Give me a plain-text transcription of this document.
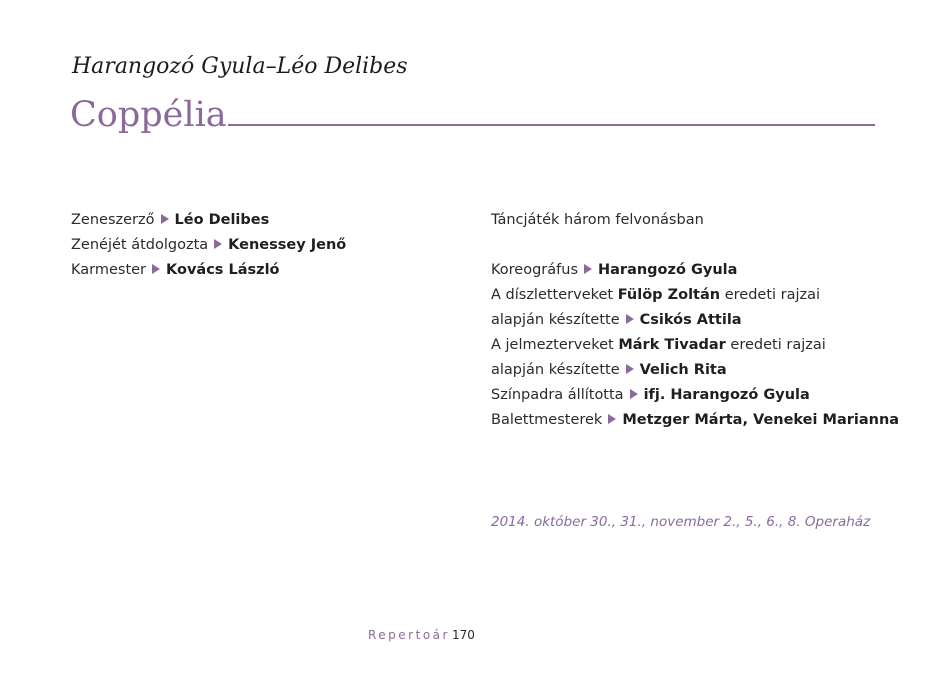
Harangozó Gyula–Léo Delibes
Coppélia
Zeneszerző Léo Delibes
Zenéjét átdolgozta Kenessey Jenő
Karmester Kovács László
Táncjáték három felvonásban
Koreográfus Harangozó Gyula
A díszletterveket Fülöp Zoltán eredeti rajzai
alapján készítette Csikós Attila
A jelmezterveket Márk Tivadar eredeti rajzai
alapján készítette Velich Rita
Színpadra állította ifj. Harangozó Gyula
Balettmesterek Metzger Márta, Venekei Marianna
2014. október 30., 31., november 2., 5., 6., 8. Operaház
Repertoár 170
